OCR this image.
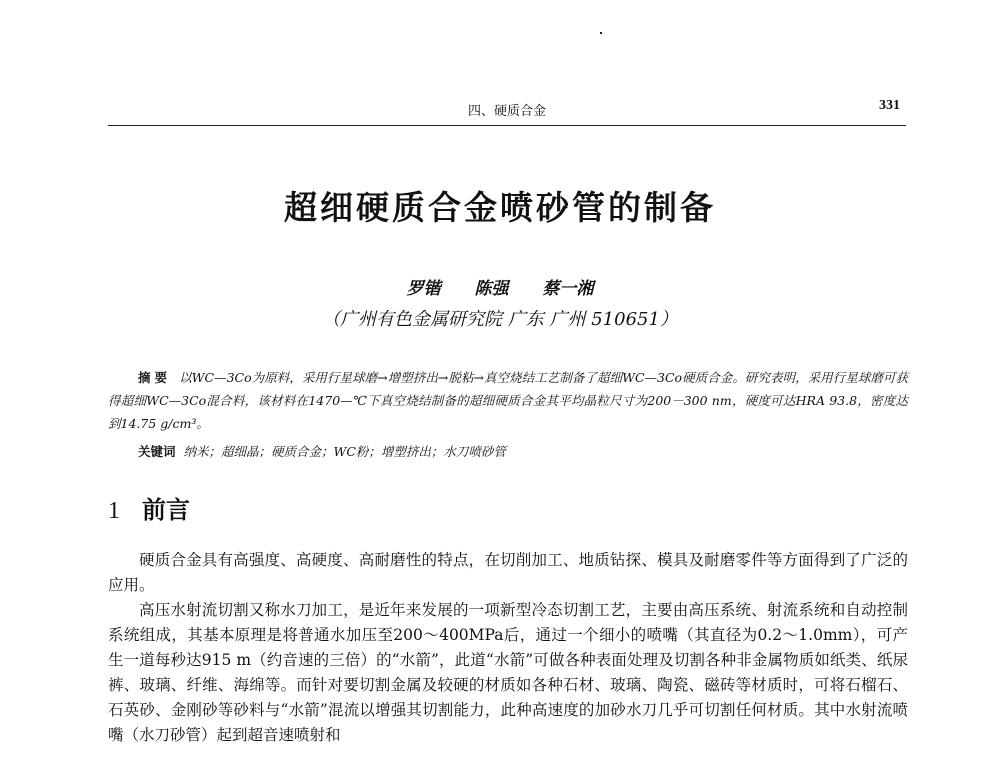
四、硬质合金	331
超细硬质合金喷砂管的制备
罗锴 陈强 蔡一湘
（广州有色金属研究院 广东 广州 510651）
摘要 以WC—3Co为原料，采用行星球磨→增塑挤出→脱粘→真空烧结工艺制备了超细WC—3Co硬质合金。研究表明，采用行星球磨可获得超细WC—3Co混合料，该材料在1470—℃下真空烧结制备的超细硬质合金其平均晶粒尺寸为200－300 nm，硬度可达HRA 93.8，密度达到14.75 g/cm³。
关键词 纳米；超细晶；硬质合金；WC粉；增塑挤出；水刀喷砂管
1 前言

硬质合金具有高强度、高硬度、高耐磨性的特点，在切削加工、地质钻探、模具及耐磨零件等方面得到了广泛的应用。

高压水射流切割又称水刀加工，是近年来发展的一项新型冷态切割工艺，主要由高压系统、射流系统和自动控制系统组成，其基本原理是将普通水加压至200～400MPa后，通过一个细小的喷嘴（其直径为0.2～1.0mm），可产生一道每秒达915 m（约音速的三倍）的“水箭”，此道“水箭”可做各种表面处理及切割各种非金属物质如纸类、纸尿裤、玻璃、纤维、海绵等。而针对要切割金属及较硬的材质如各种石材、玻璃、陶瓷、磁砖等材质时，可将石榴石、石英砂、金刚砂等砂料与“水箭”混流以增强其切割能力，此种高速度的加砂水刀几乎可切割任何材质。其中水射流喷嘴（水刀砂管）起到超音速喷射和
